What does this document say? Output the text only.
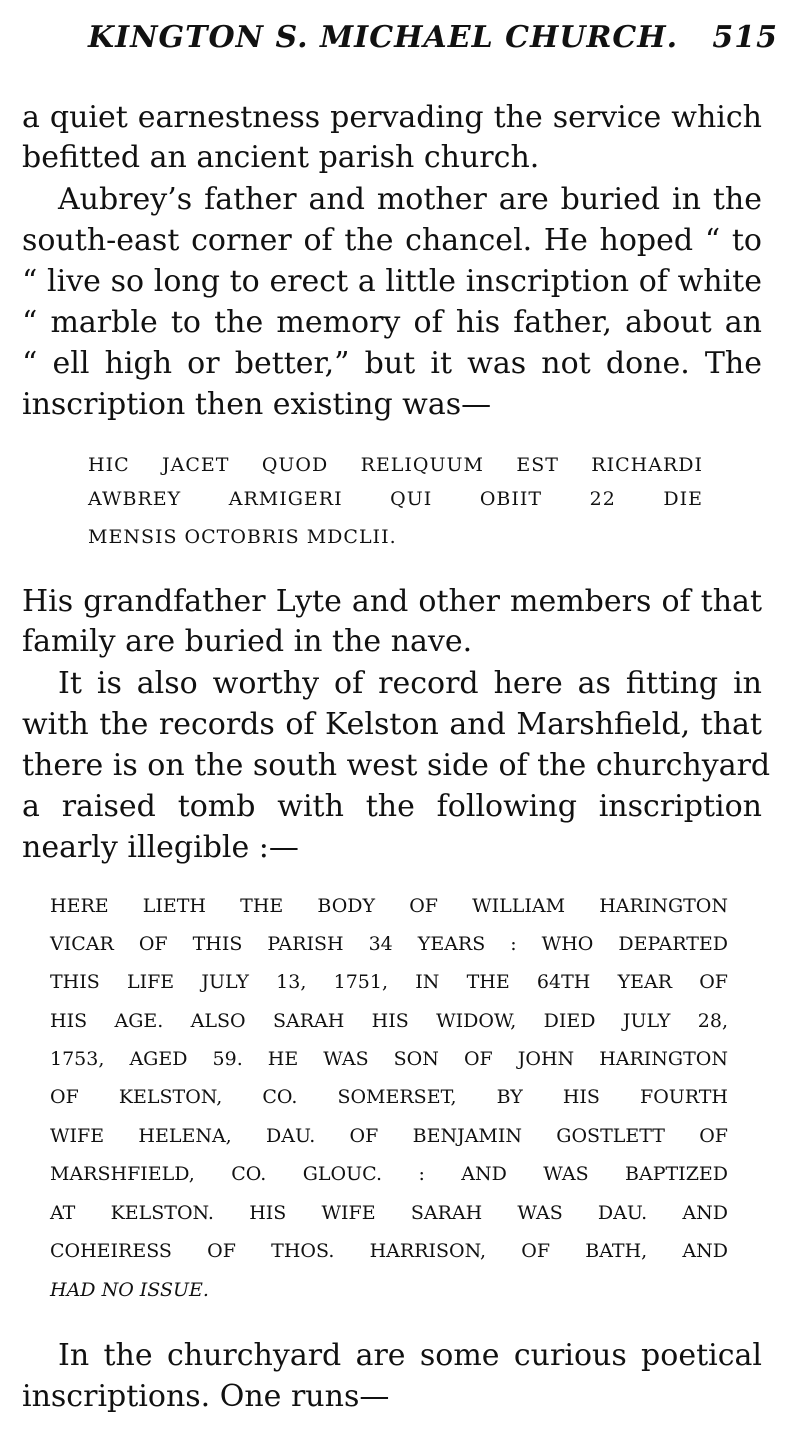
KINGTON S. MICHAEL CHURCH. 515
a quiet earnestness pervading the service which
befitted an ancient parish church.
Aubrey’s father and mother are buried in the
south-east corner of the chancel. He hoped “ to
“ live so long to erect a little inscription of white
“ marble to the memory of his father, about an
“ ell high or better,” but it was not done. The
inscription then existing was—
HIC JACET QUOD RELIQUUM EST RICHARDI
AWBREY ARMIGERI QUI OBIIT 22 DIE
MENSIS OCTOBRIS MDCLII.
His grandfather Lyte and other members of that
family are buried in the nave.
It is also worthy of record here as fitting in
with the records of Kelston and Marshfield, that
there is on the south west side of the churchyard
a raised tomb with the following inscription
nearly illegible :—
HERE LIETH THE BODY OF WILLIAM HARINGTON
VICAR OF THIS PARISH 34 YEARS : WHO DEPARTED
THIS LIFE JULY 13, 1751, IN THE 64TH YEAR OF
HIS AGE. ALSO SARAH HIS WIDOW, DIED JULY 28,
1753, AGED 59. HE WAS SON OF JOHN HARINGTON
OF KELSTON, CO. SOMERSET, BY HIS FOURTH
WIFE HELENA, DAU. OF BENJAMIN GOSTLETT OF
MARSHFIELD, CO. GLOUC. : AND WAS BAPTIZED
AT KELSTON. HIS WIFE SARAH WAS DAU. AND
COHEIRESS OF THOS. HARRISON, OF BATH, AND
HAD NO ISSUE.
In the churchyard are some curious poetical
inscriptions. One runs—
